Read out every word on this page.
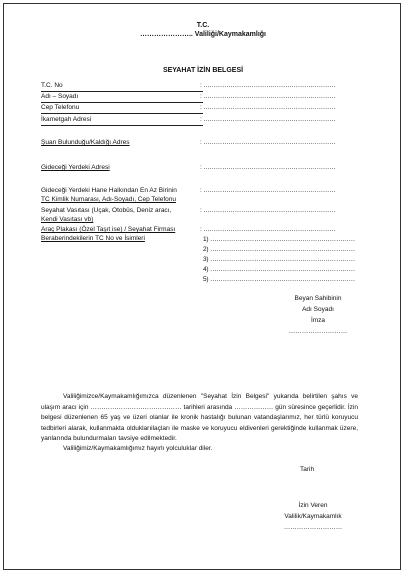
T.C.
………………….. Valiliği/Kaymakamlığı
SEYAHAT İZİN BELGESİ
T.C. No	: ………………………………………………………
Adı – Soyadı	: ………………………………………………………
Cep Telefonu	: ………………………………………………………
İkametgah Adresi	: ………………………………………………………
Şuan Bulunduğu/Kaldığı Adres	: ………………………………………………………
Gideceği Yerdeki Adresi	: ………………………………………………………
Gideceği Yerdeki Hane Halkından En Az Birinin	: ………………………………………………………
TC Kimlik Numarası, Adı-Soyadı, Cep Telefonu
Seyahat Vasıtası (Uçak, Otobüs, Deniz aracı,	: ………………………………………………………
Kendi Vasıtası vb)
Araç Plakası (Özel Taşıt ise) / Seyahat Firması	: ………………………………………………………
Beraberindekilerin TC No ve İsimleri	1) ……………………………………………………………
2) ……………………………………………………………
3) ……………………………………………………………
4) ……………………………………………………………
5) ……………………………………………………………
Beyan Sahibinin
Adı Soyadı
İmza
………………………
Valiliğimizce/Kaymakamlığımızca düzenlenen "Seyahat İzin Belgesi" yukarıda belirtilen şahıs ve ulaşım aracı için …………………………………… tarihleri arasında ……………… gün süresince geçerlidir. İzin belgesi düzenlenen 65 yaş ve üzeri olanlar ile kronik hastalığı bulunan vatandaşlarımız, her türlü koruyucu tedbirleri alarak, kullanmakta olduklarıilaçları ile maske ve koruyucu eldivenleri gerektiğinde kullanmak üzere, yanlarında bulundurmaları tavsiye edilmektedir.
Valiliğimiz/Kaymakamlığımız hayırlı yolculuklar diler.
Tarih
İzin Veren
Valilik/Kaymakamlık
………………………
